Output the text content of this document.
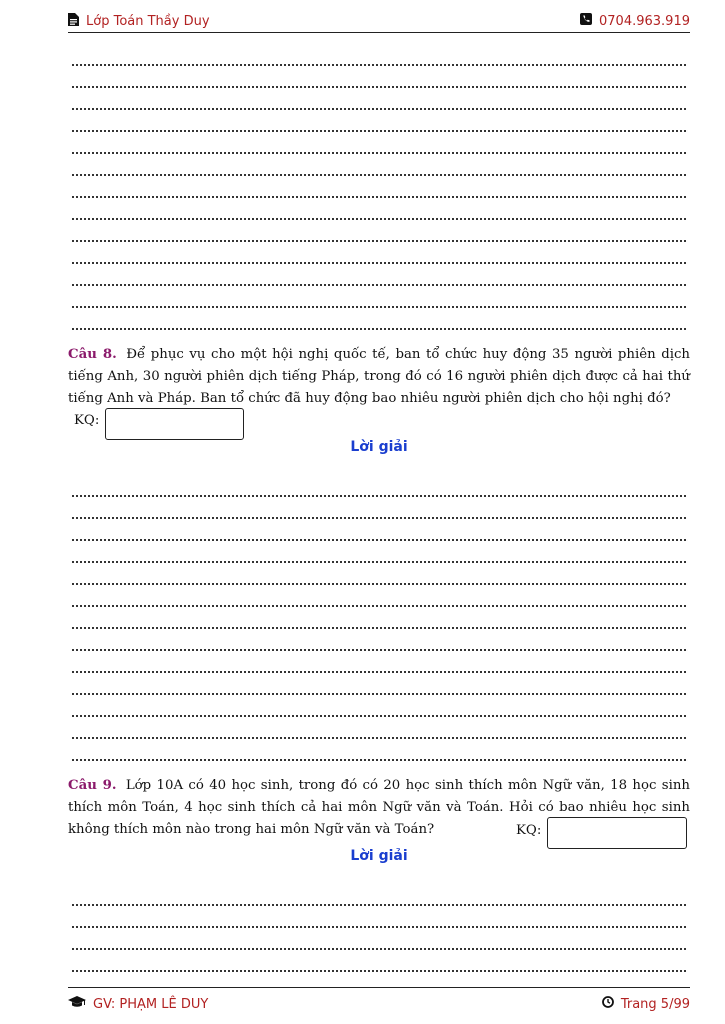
Lớp Toán Thầy Duy	0704.963.919
Câu 8. Để phục vụ cho một hội nghị quốc tế, ban tổ chức huy động 35 người phiên dịch tiếng Anh, 30 người phiên dịch tiếng Pháp, trong đó có 16 người phiên dịch được cả hai thứ tiếng Anh và Pháp. Ban tổ chức đã huy động bao nhiêu người phiên dịch cho hội nghị đó?
KQ:
Lời giải
Câu 9. Lớp 10A có 40 học sinh, trong đó có 20 học sinh thích môn Ngữ văn, 18 học sinh thích môn Toán, 4 học sinh thích cả hai môn Ngữ văn và Toán. Hỏi có bao nhiêu học sinh không thích môn nào trong hai môn Ngữ văn và Toán?	KQ:
Lời giải
GV: PHẠM LÊ DUY	Trang 5/99
